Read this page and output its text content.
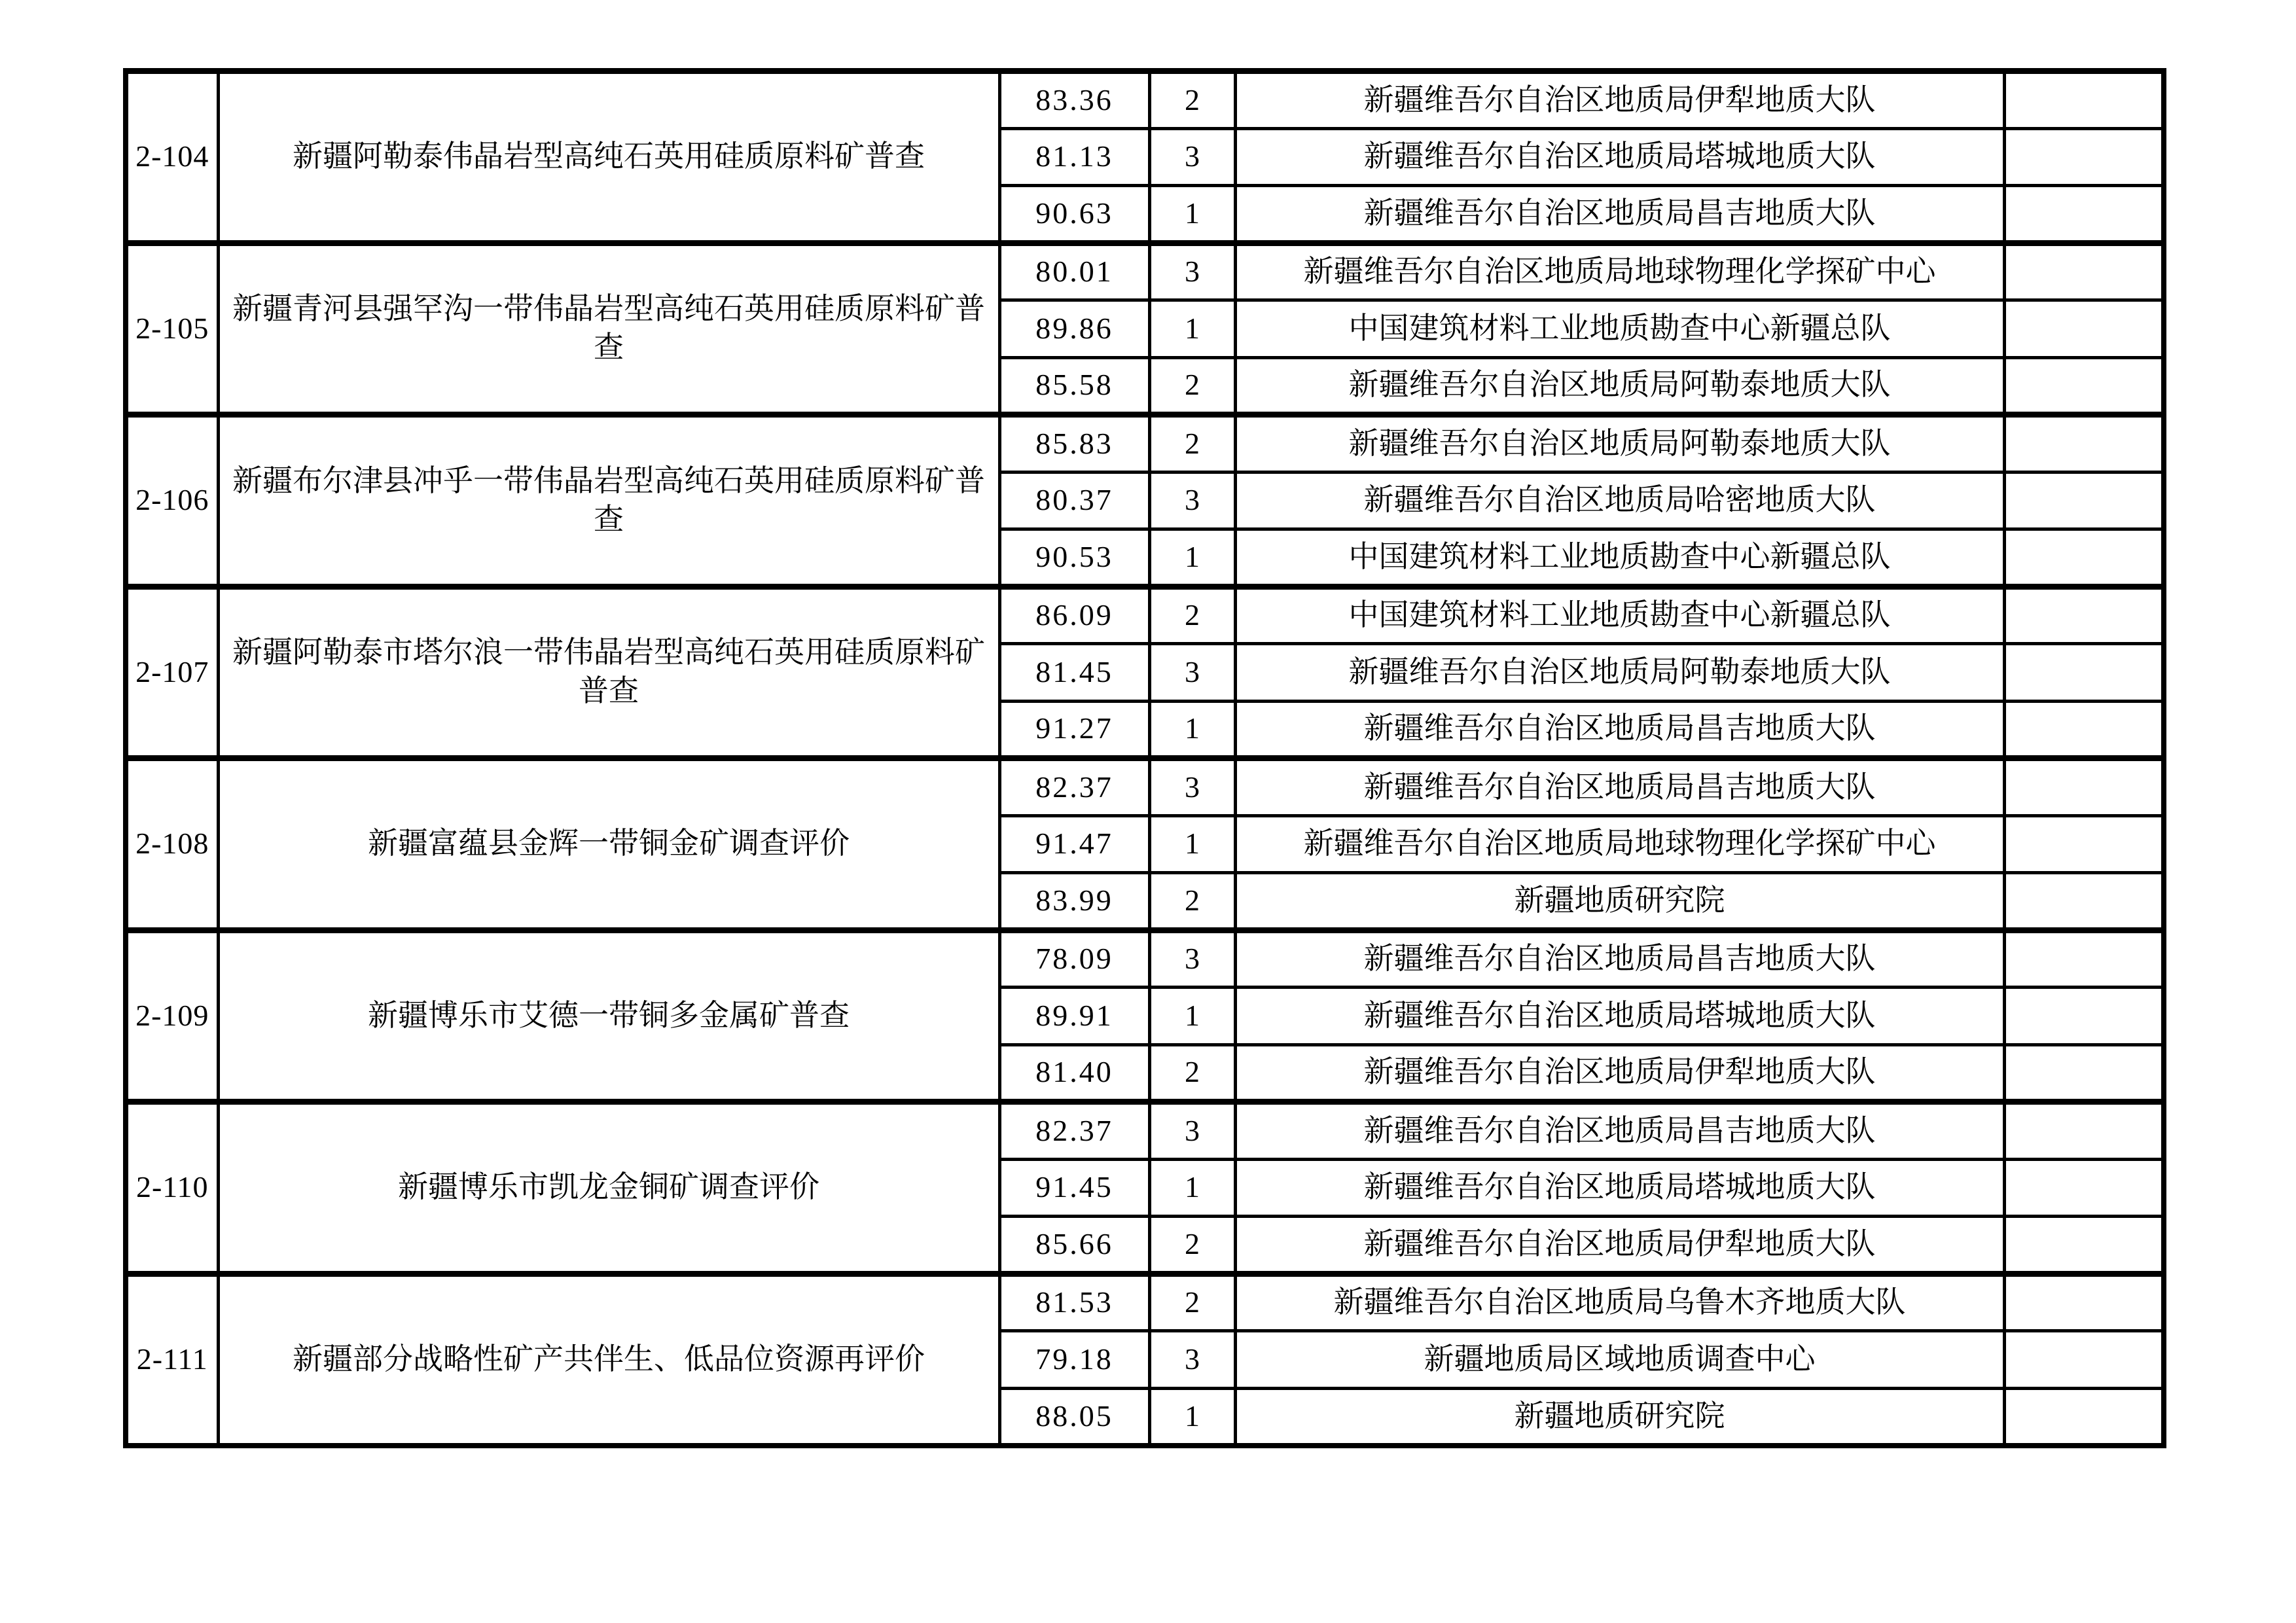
2-104	新疆阿勒泰伟晶岩型高纯石英用硅质原料矿普查	83.36	2	新疆维吾尔自治区地质局伊犁地质大队	
		81.13	3	新疆维吾尔自治区地质局塔城地质大队	
		90.63	1	新疆维吾尔自治区地质局昌吉地质大队	
2-105	新疆青河县强罕沟一带伟晶岩型高纯石英用硅质原料矿普查	80.01	3	新疆维吾尔自治区地质局地球物理化学探矿中心	
		89.86	1	中国建筑材料工业地质勘查中心新疆总队	
		85.58	2	新疆维吾尔自治区地质局阿勒泰地质大队	
2-106	新疆布尔津县冲乎一带伟晶岩型高纯石英用硅质原料矿普查	85.83	2	新疆维吾尔自治区地质局阿勒泰地质大队	
		80.37	3	新疆维吾尔自治区地质局哈密地质大队	
		90.53	1	中国建筑材料工业地质勘查中心新疆总队	
2-107	新疆阿勒泰市塔尔浪一带伟晶岩型高纯石英用硅质原料矿普查	86.09	2	中国建筑材料工业地质勘查中心新疆总队	
		81.45	3	新疆维吾尔自治区地质局阿勒泰地质大队	
		91.27	1	新疆维吾尔自治区地质局昌吉地质大队	
2-108	新疆富蕴县金辉一带铜金矿调查评价	82.37	3	新疆维吾尔自治区地质局昌吉地质大队	
		91.47	1	新疆维吾尔自治区地质局地球物理化学探矿中心	
		83.99	2	新疆地质研究院	
2-109	新疆博乐市艾德一带铜多金属矿普查	78.09	3	新疆维吾尔自治区地质局昌吉地质大队	
		89.91	1	新疆维吾尔自治区地质局塔城地质大队	
		81.40	2	新疆维吾尔自治区地质局伊犁地质大队	
2-110	新疆博乐市凯龙金铜矿调查评价	82.37	3	新疆维吾尔自治区地质局昌吉地质大队	
		91.45	1	新疆维吾尔自治区地质局塔城地质大队	
		85.66	2	新疆维吾尔自治区地质局伊犁地质大队	
2-111	新疆部分战略性矿产共伴生、低品位资源再评价	81.53	2	新疆维吾尔自治区地质局乌鲁木齐地质大队	
		79.18	3	新疆地质局区域地质调查中心	
		88.05	1	新疆地质研究院	
